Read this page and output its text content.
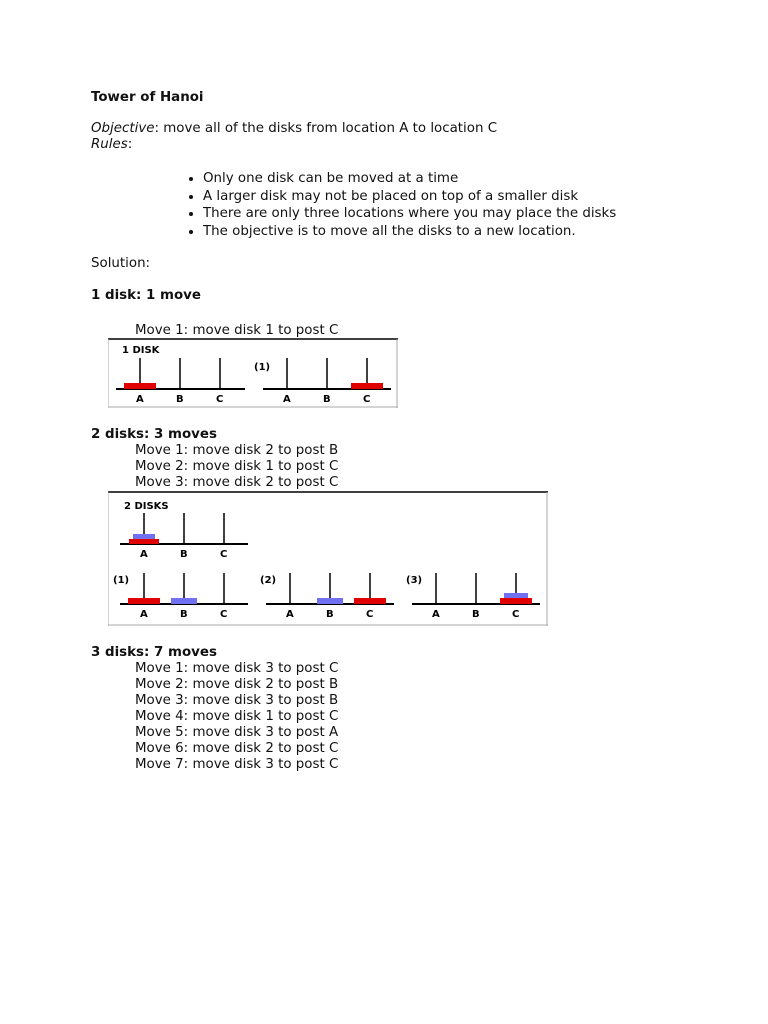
Tower of Hanoi
Objective: move all of the disks from location A to location C
Rules:
• Only one disk can be moved at a time
• A larger disk may not be placed on top of a smaller disk
• There are only three locations where you may place the disks
• The objective is to move all the disks to a new location.
Solution:
1 disk: 1 move
Move 1: move disk 1 to post C
1 DISK
A	B	C
(1)
A	B	C
2 disks: 3 moves
Move 1: move disk 2 to post B
Move 2: move disk 1 to post C
Move 3: move disk 2 to post C
2 DISKS
A	B	C
(1)
A	B	C
(2)
A	B	C
(3)
A	B	C
3 disks: 7 moves
Move 1: move disk 3 to post C
Move 2: move disk 2 to post B
Move 3: move disk 3 to post B
Move 4: move disk 1 to post C
Move 5: move disk 3 to post A
Move 6: move disk 2 to post C
Move 7: move disk 3 to post C
